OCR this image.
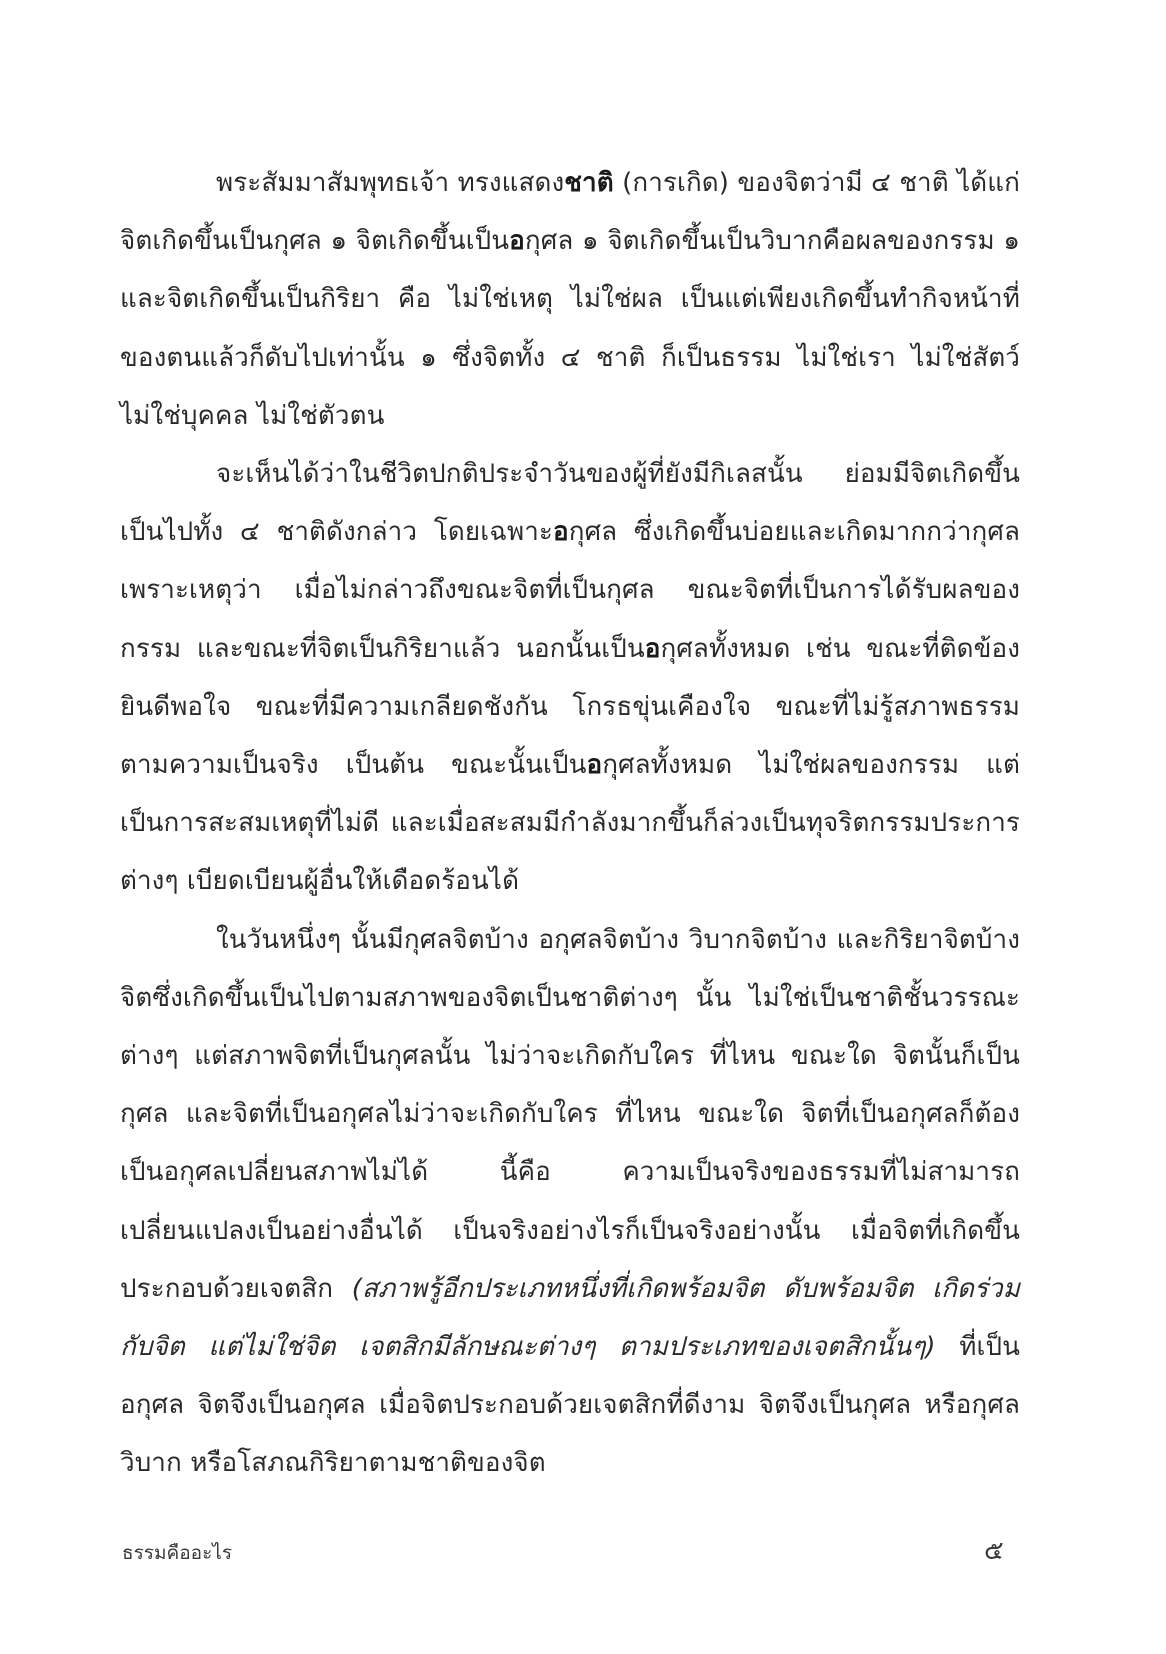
พระสัมมาสัมพุทธเจ้า ทรงแสดงชาติ (การเกิด) ของจิตว่ามี ๔ ชาติ ได้แก่ จิตเกิดขึ้นเป็นกุศล ๑ จิตเกิดขึ้นเป็นอกุศล ๑ จิตเกิดขึ้นเป็นวิบากคือผลของกรรม ๑ และจิตเกิดขึ้นเป็นกิริยา คือ ไม่ใช่เหตุ ไม่ใช่ผล เป็นแต่เพียงเกิดขึ้นทำกิจหน้าที่ของตนแล้วก็ดับไปเท่านั้น ๑ ซึ่งจิตทั้ง ๔ ชาติ ก็เป็นธรรม ไม่ใช่เรา ไม่ใช่สัตว์ ไม่ใช่บุคคล ไม่ใช่ตัวตน

จะเห็นได้ว่าในชีวิตปกติประจำวันของผู้ที่ยังมีกิเลสนั้น ย่อมมีจิตเกิดขึ้นเป็นไปทั้ง ๔ ชาติดังกล่าว โดยเฉพาะอกุศล ซึ่งเกิดขึ้นบ่อยและเกิดมากกว่ากุศล เพราะเหตุว่า เมื่อไม่กล่าวถึงขณะจิตที่เป็นกุศล ขณะจิตที่เป็นการได้รับผลของกรรม และขณะที่จิตเป็นกิริยาแล้ว นอกนั้นเป็นอกุศลทั้งหมด เช่น ขณะที่ติดข้องยินดีพอใจ ขณะที่มีความเกลียดชังกัน โกรธขุ่นเคืองใจ ขณะที่ไม่รู้สภาพธรรมตามความเป็นจริง เป็นต้น ขณะนั้นเป็นอกุศลทั้งหมด ไม่ใช่ผลของกรรม แต่เป็นการสะสมเหตุที่ไม่ดี และเมื่อสะสมมีกำลังมากขึ้นก็ล่วงเป็นทุจริตกรรมประการต่างๆ เบียดเบียนผู้อื่นให้เดือดร้อนได้

ในวันหนึ่งๆ นั้นมีกุศลจิตบ้าง อกุศลจิตบ้าง วิบากจิตบ้าง และกิริยาจิตบ้าง จิตซึ่งเกิดขึ้นเป็นไปตามสภาพของจิตเป็นชาติต่างๆ นั้น ไม่ใช่เป็นชาติชั้นวรรณะต่างๆ แต่สภาพจิตที่เป็นกุศลนั้น ไม่ว่าจะเกิดกับใคร ที่ไหน ขณะใด จิตนั้นก็เป็นกุศล และจิตที่เป็นอกุศลไม่ว่าจะเกิดกับใคร ที่ไหน ขณะใด จิตที่เป็นอกุศลก็ต้องเป็นอกุศลเปลี่ยนสภาพไม่ได้ นี้คือ ความเป็นจริงของธรรมที่ไม่สามารถเปลี่ยนแปลงเป็นอย่างอื่นได้ เป็นจริงอย่างไรก็เป็นจริงอย่างนั้น เมื่อจิตที่เกิดขึ้นประกอบด้วยเจตสิก (สภาพรู้อีกประเภทหนึ่งที่เกิดพร้อมจิต ดับพร้อมจิต เกิดร่วมกับจิต แต่ไม่ใช่จิต เจตสิกมีลักษณะต่างๆ ตามประเภทของเจตสิกนั้นๆ) ที่เป็นอกุศล จิตจึงเป็นอกุศล เมื่อจิตประกอบด้วยเจตสิกที่ดีงาม จิตจึงเป็นกุศล หรือกุศลวิบาก หรือโสภณกิริยาตามชาติของจิต

ธรรมคืออะไร	๕
